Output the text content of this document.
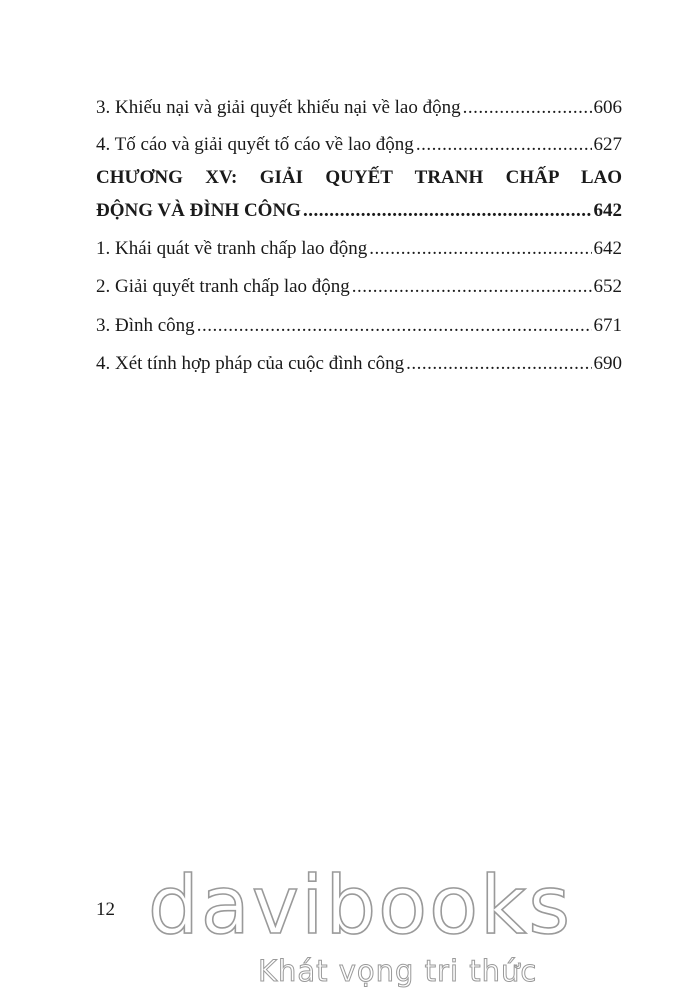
3. Khiếu nại và giải quyết khiếu nại về lao động .....	606
4. Tố cáo và giải quyết tố cáo về lao động .....	627
CHƯƠNG XV: GIẢI QUYẾT TRANH CHẤP LAO
ĐỘNG VÀ ĐÌNH CÔNG .....	642
1. Khái quát về tranh chấp lao động .....	642
2. Giải quyết tranh chấp lao động .....	652
3. Đình công .....	671
4. Xét tính hợp pháp của cuộc đình công .....	690
12 davibooks
Khát vọng tri thức
